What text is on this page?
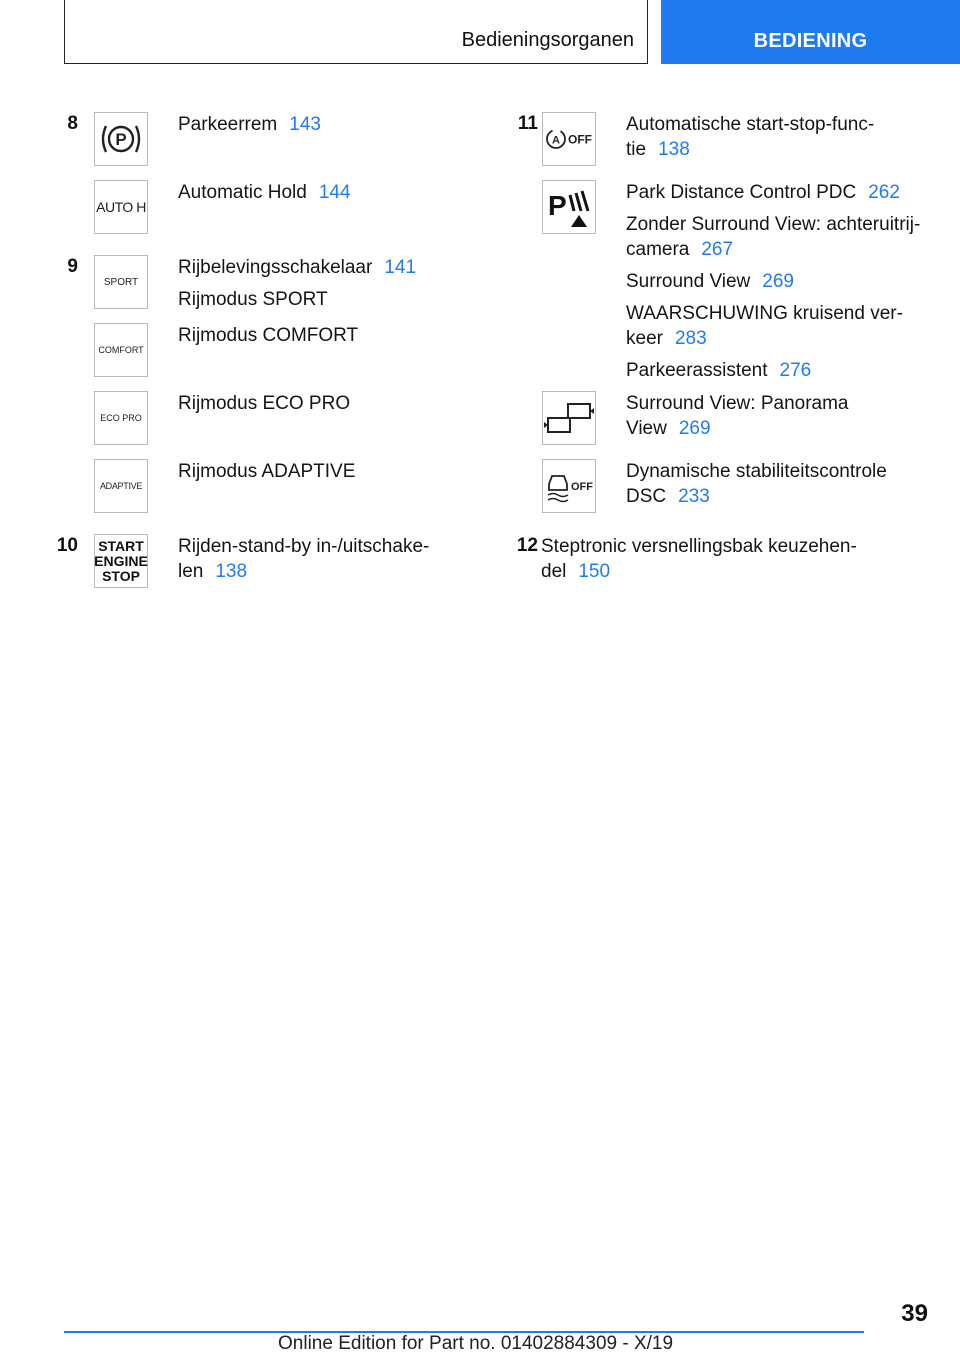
Bedieningsorganen	BEDIENING
8
P
Parkeerrem 143
AUTO H
Automatic Hold 144
9
SPORT
Rijbelevingsschakelaar 141
Rijmodus SPORT
COMFORT
Rijmodus COMFORT
ECO PRO
Rijmodus ECO PRO
ADAPTIVE
Rijmodus ADAPTIVE
10 START
ENGINE
STOP
Rijden-stand-by in-/uitschake-
len 138
11
A OFF
Automatische start-stop-func-
tie 138
P	Park Distance Control PDC 262
Zonder Surround View: achteruitrij-
camera 267
Surround View 269
WAARSCHUWING kruisend ver-
keer 283
Parkeerassistent 276
Surround View: Panorama
View 269
OFF
Dynamische stabiliteitscontrole
DSC 233
12 Steptronic versnellingsbak keuzehen-
del 150
39
Online Edition for Part no. 01402884309 - X/19
